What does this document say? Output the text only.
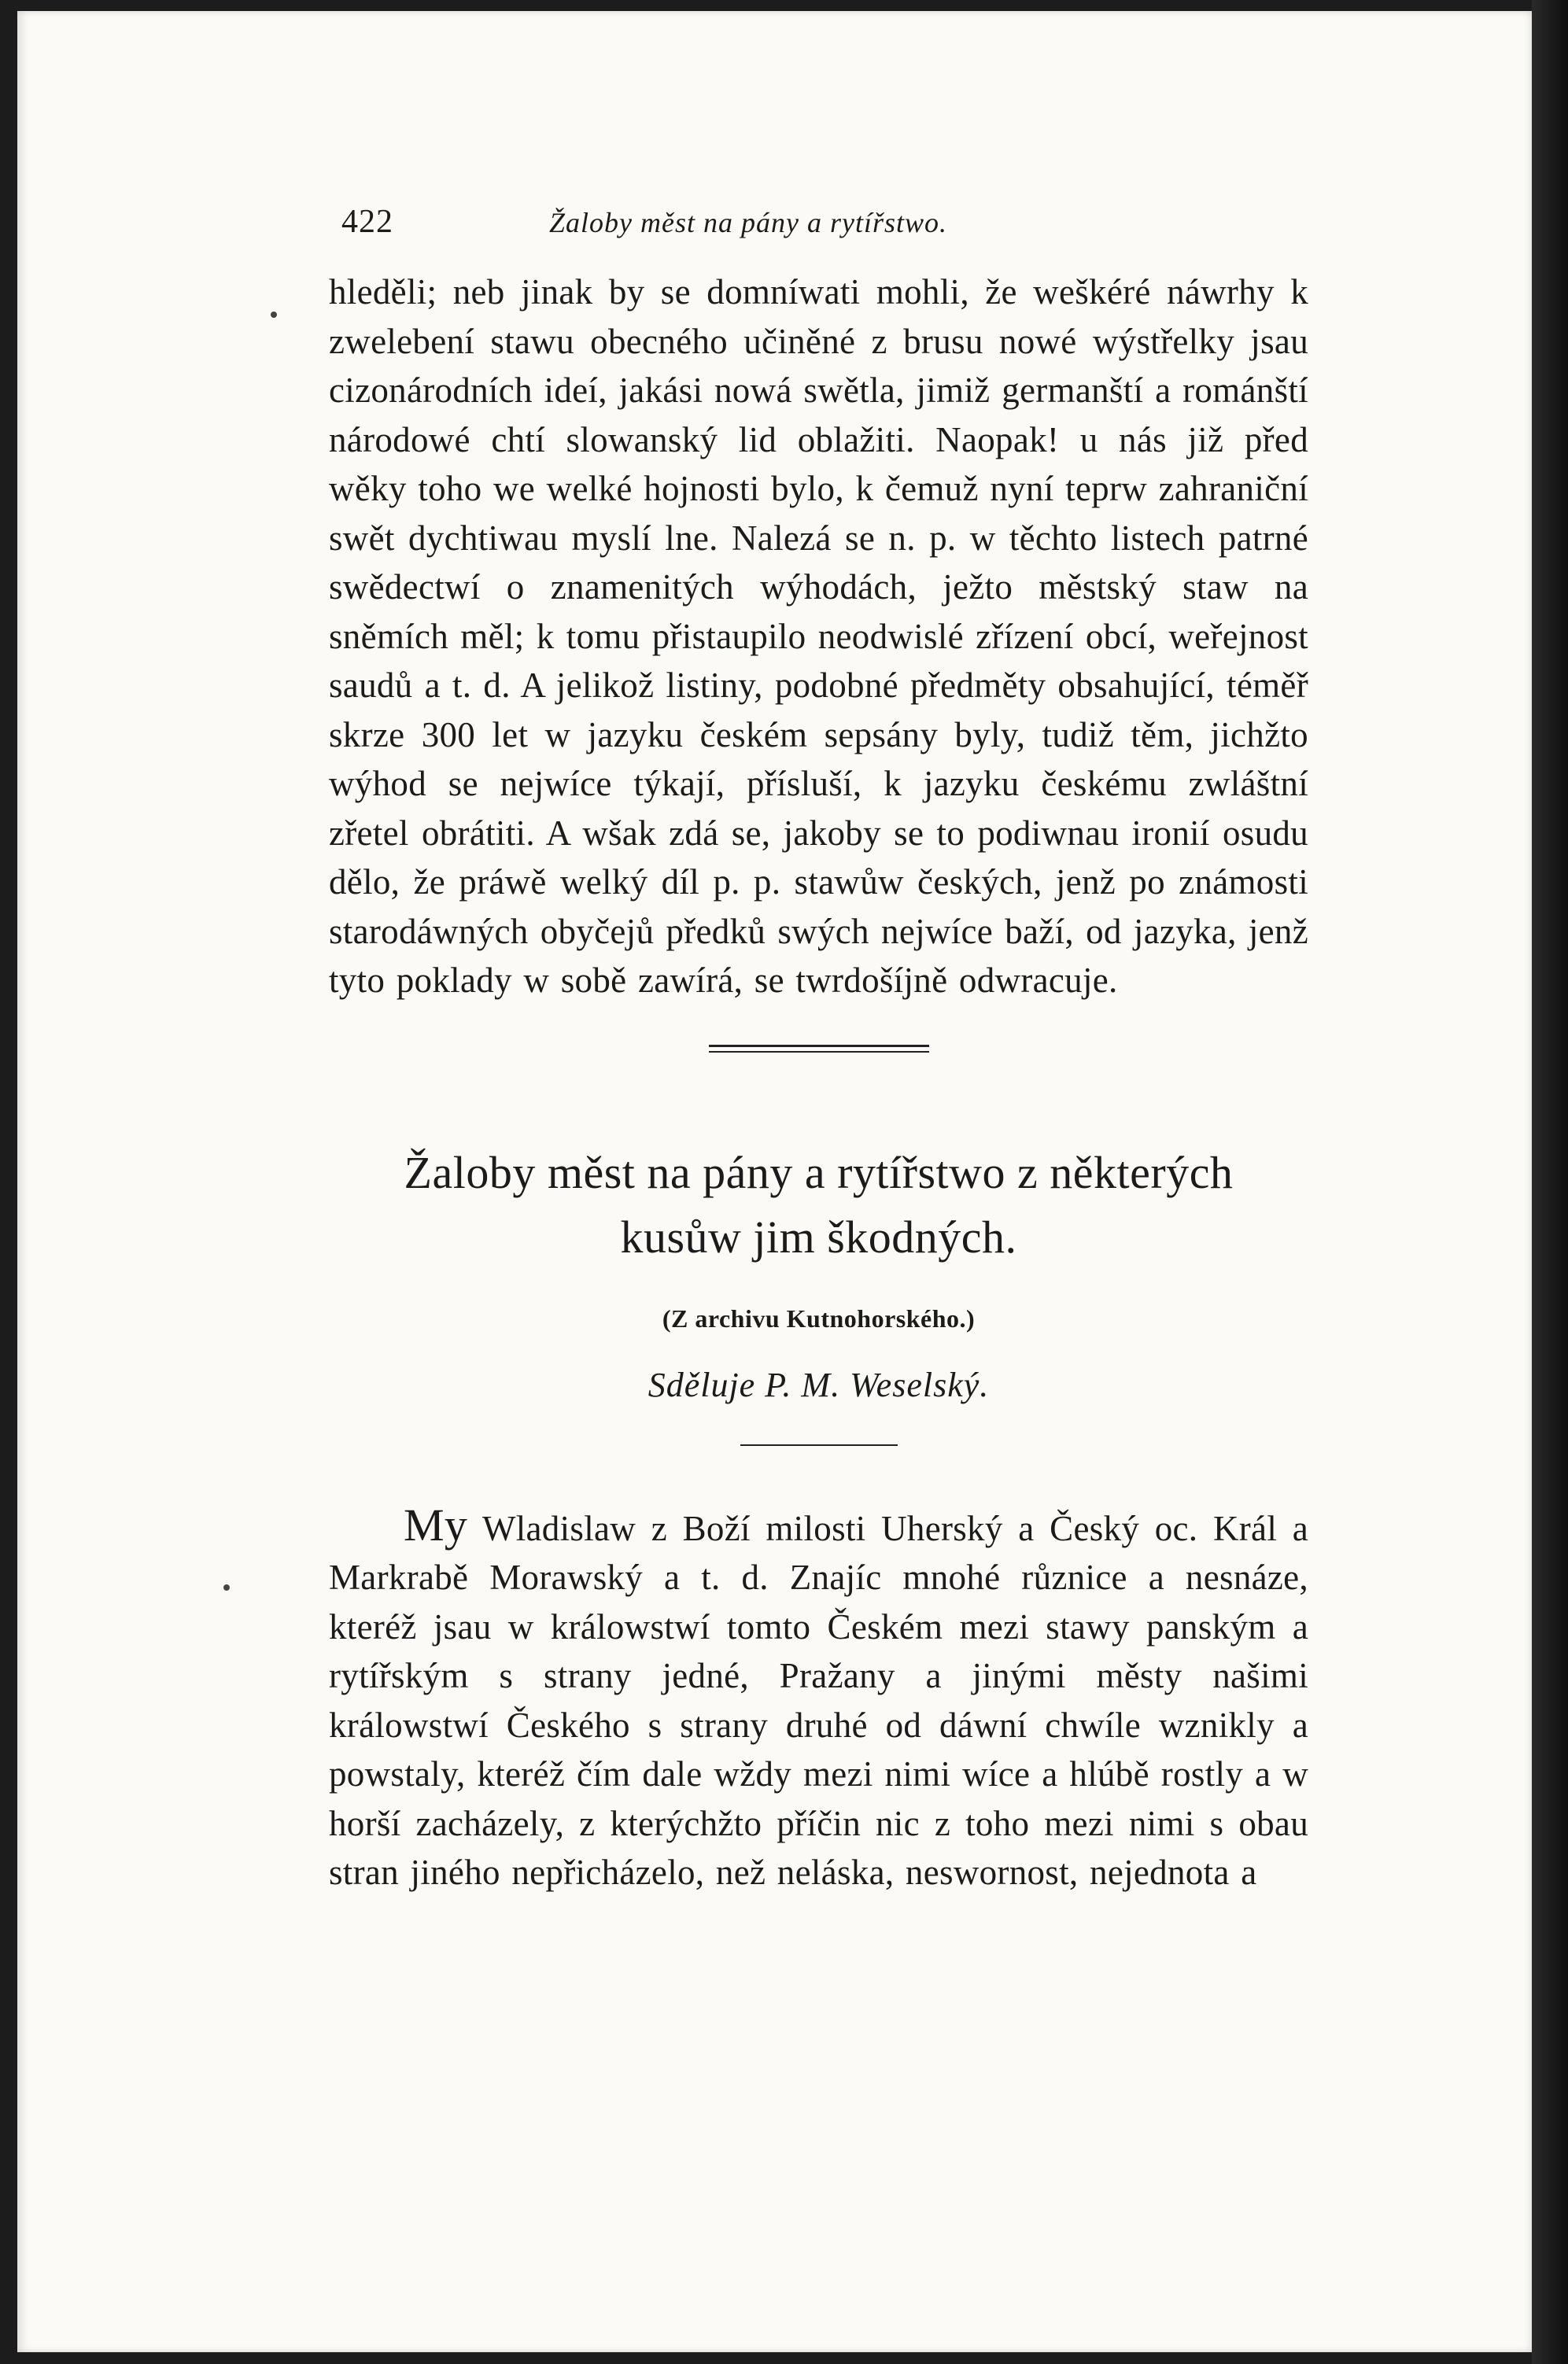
422	Žaloby měst na pány a rytířstwo.

hleděli; neb jinak by se domníwati mohli, že weškéré náwrhy k zwelebení stawu obecného učiněné z brusu nowé wýstřelky jsau cizonárodních ideí, jakási nowá swětla, jimiž germanští a románští národowé chtí slowanský lid oblažiti. Naopak! u nás již před wěky toho we welké hojnosti bylo, k čemuž nyní teprw zahraniční swět dychtiwau myslí lne. Nalezá se n. p. w těchto listech patrné swědectwí o znamenitých wýhodách, ježto městský staw na sněmích měl; k tomu přistaupilo neodwislé zřízení obcí, weřejnost saudů a t. d. A jelikož listiny, podobné předměty obsahující, téměř skrze 300 let w jazyku českém sepsány byly, tudiž těm, jichžto wýhod se nejwíce týkají, přísluší, k jazyku českému zwláštní zřetel obrátiti. A wšak zdá se, jakoby se to podiwnau ironií osudu dělo, že práwě welký díl p. p. stawůw českých, jenž po známosti starodáwných obyčejů předků swých nejwíce baží, od jazyka, jenž tyto poklady w sobě zawírá, se twrdošíjně odwracuje.

Žaloby měst na pány a rytířstwo z některých
kusůw jim škodných.
(Z archivu Kutnohorského.)
Sděluje P. M. Weselský.

My Wladislaw z Boží milosti Uherský a Český oc. Král a Markrabě Morawský a t. d. Znajíc mnohé různice a nesnáze, kteréž jsau w králowstwí tomto Českém mezi stawy panským a rytířským s strany jedné, Pražany a jinými městy našimi králowstwí Českého s strany druhé od dáwní chwíle wznikly a powstaly, kteréž čím dale wždy mezi nimi wíce a hlúbě rostly a w horší zacházely, z kterýchžto příčin nic z toho mezi nimi s obau stran jiného nepřicházelo, než neláska, neswornost, nejednota a
